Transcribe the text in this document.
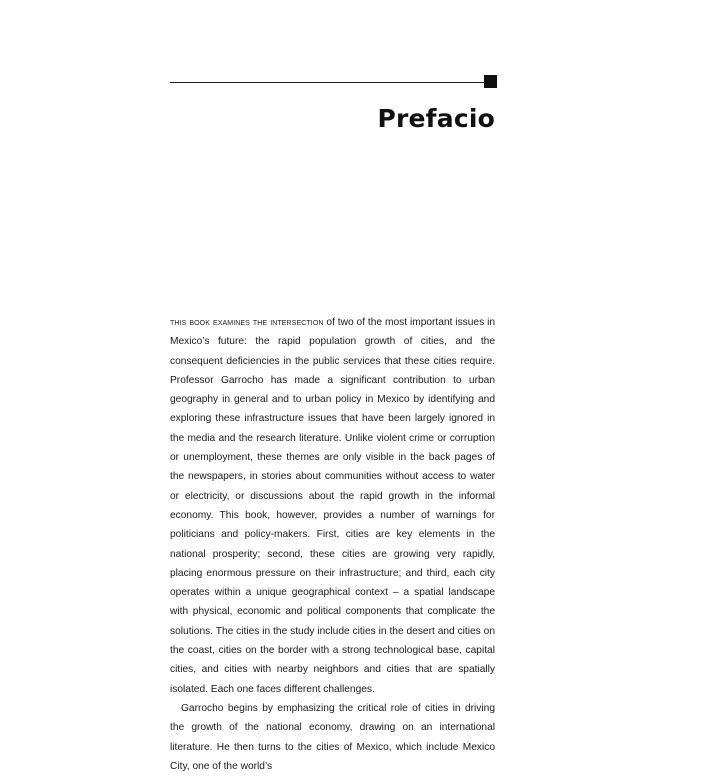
Prefacio

this book examines the intersection of two of the most important issues in Mexico’s future: the rapid population growth of cities, and the consequent deficiencies in the public services that these cities require. Professor Garrocho has made a significant contribution to urban geography in general and to urban policy in Mexico by identifying and exploring these infrastructure issues that have been largely ignored in the media and the research literature. Unlike violent crime or corruption or unemployment, these themes are only visible in the back pages of the newspapers, in stories about communities without access to water or electricity, or discussions about the rapid growth in the informal economy. This book, however, provides a number of warnings for politicians and policy-makers. First, cities are key elements in the national prosperity; second, these cities are growing very rapidly, placing enormous pressure on their infrastructure; and third, each city operates within a unique geographical context – a spatial landscape with physical, economic and political components that complicate the solutions. The cities in the study include cities in the desert and cities on the coast, cities on the border with a strong technological base, capital cities, and cities with nearby neighbors and cities that are spatially isolated. Each one faces different challenges.

Garrocho begins by emphasizing the critical role of cities in driving the growth of the national economy, drawing on an international literature. He then turns to the cities of Mexico, which include Mexico City, one of the world’s
